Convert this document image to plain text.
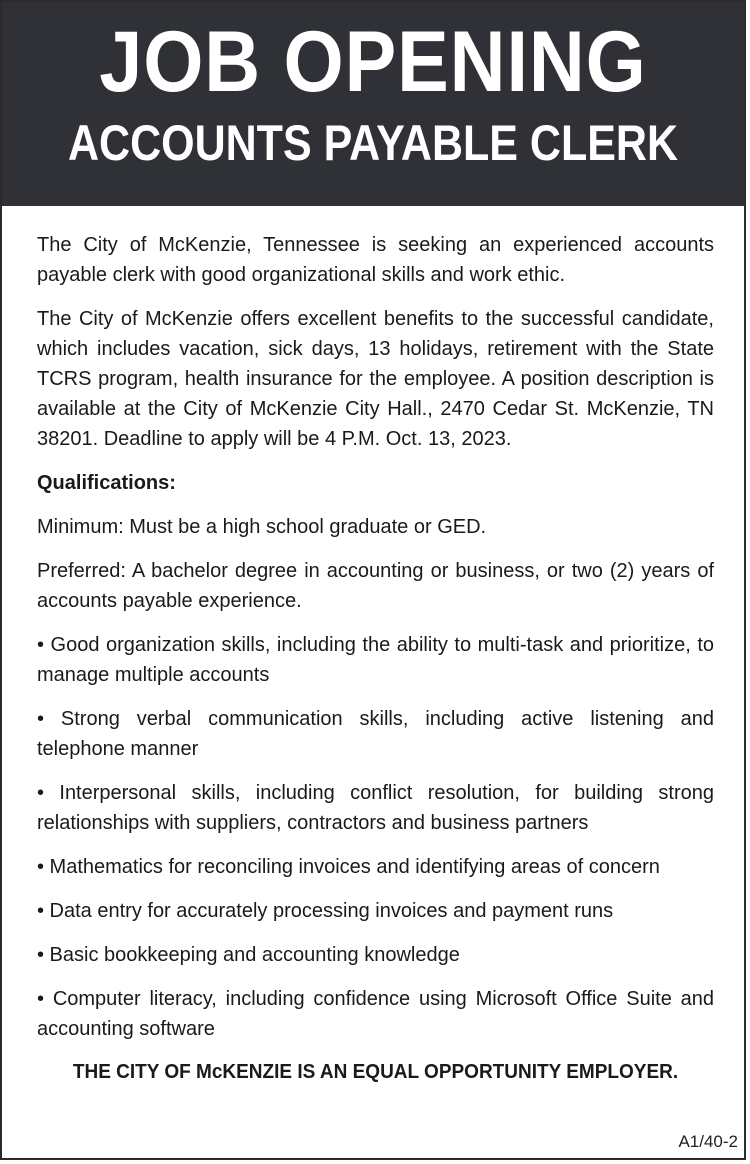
JOB OPENING
ACCOUNTS PAYABLE CLERK

The City of McKenzie, Tennessee is seeking an experienced accounts payable clerk with good organizational skills and work ethic.

The City of McKenzie offers excellent benefits to the successful candidate, which includes vacation, sick days, 13 holidays, retirement with the State TCRS program, health insurance for the employee. A position description is available at the City of McKenzie City Hall., 2470 Cedar St. McKenzie, TN 38201. Deadline to apply will be 4 P.M. Oct. 13, 2023.

Qualifications:

Minimum: Must be a high school graduate or GED.

Preferred: A bachelor degree in accounting or business, or two (2) years of accounts payable experience.

• Good organization skills, including the ability to multi-task and prioritize, to manage multiple accounts

• Strong verbal communication skills, including active listening and telephone manner

• Interpersonal skills, including conflict resolution, for building strong relationships with suppliers, contractors and business partners

• Mathematics for reconciling invoices and identifying areas of concern

• Data entry for accurately processing invoices and payment runs

• Basic bookkeeping and accounting knowledge

• Computer literacy, including confidence using Microsoft Office Suite and accounting software

THE CITY OF McKENZIE IS AN EQUAL OPPORTUNITY EMPLOYER.
A1/40-2
